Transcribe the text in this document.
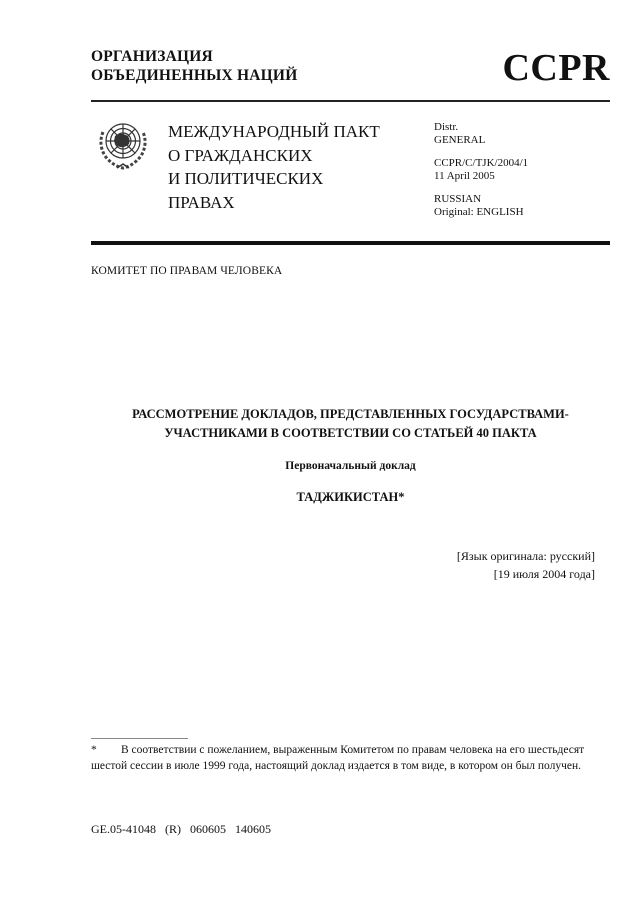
ОРГАНИЗАЦИЯ
ОБЪЕДИНЕННЫХ НАЦИЙ	CCPR
МЕЖДУНАРОДНЫЙ ПАКТ
О ГРАЖДАНСКИХ
И ПОЛИТИЧЕСКИХ
ПРАВАХ
Distr.
GENERAL
CCPR/C/TJK/2004/1
11 April 2005
RUSSIAN
Original: ENGLISH
КОМИТЕТ ПО ПРАВАМ ЧЕЛОВЕКА
РАССМОТРЕНИЕ ДОКЛАДОВ, ПРЕДСТАВЛЕННЫХ ГОСУДАРСТВАМИ-
УЧАСТНИКАМИ В СООТВЕТСТВИИ СО СТАТЬЕЙ 40 ПАКТА
Первоначальный доклад
ТАДЖИКИСТАН*
[Язык оригинала: русский]
[19 июля 2004 года]
* В соответствии с пожеланием, выраженным Комитетом по правам человека на его шестьдесят шестой сессии в июле 1999 года, настоящий доклад издается в том виде, в котором он был получен.
GE.05-41048 (R) 060605 140605
